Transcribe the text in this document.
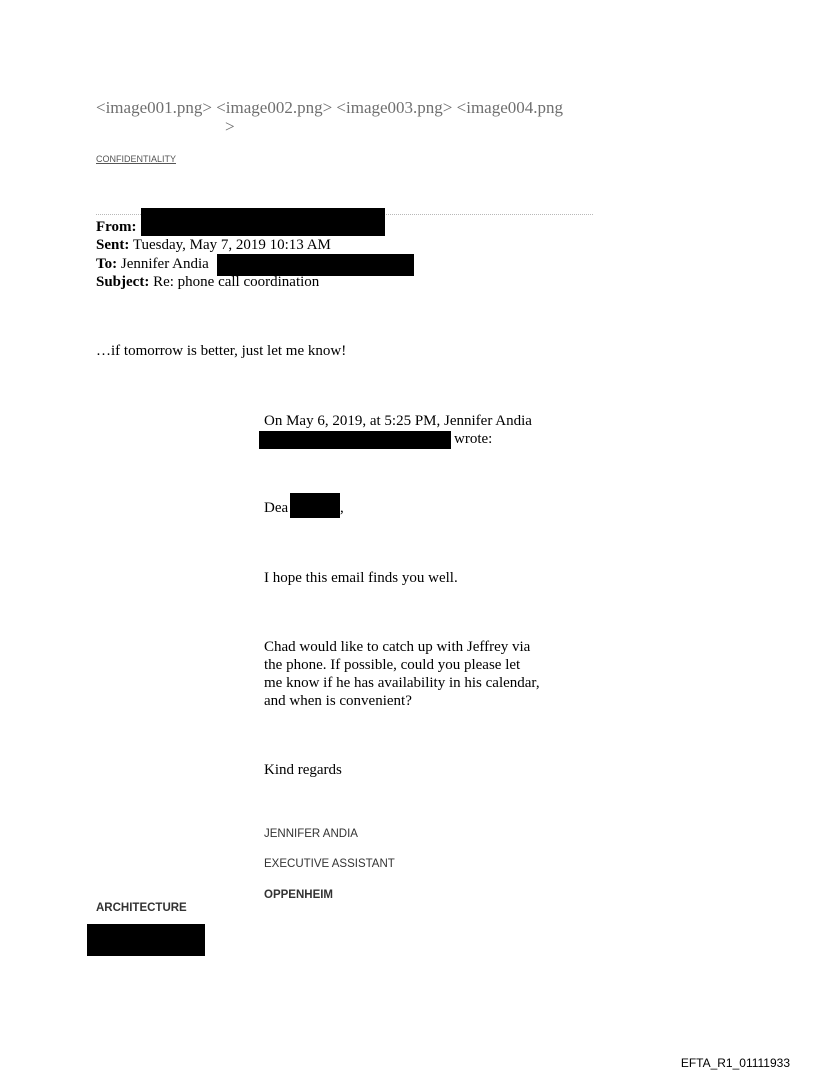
<image001.png> <image002.png> <image003.png> <image004.png
>
CONFIDENTIALITY
From:
Sent: Tuesday, May 7, 2019 10:13 AM
To: Jennifer Andia
Subject: Re: phone call coordination
…if tomorrow is better, just let me know!
On May 6, 2019, at 5:25 PM, Jennifer Andia
wrote:
Dea	,
I hope this email finds you well.
Chad would like to catch up with Jeffrey via
the phone. If possible, could you please let
me know if he has availability in his calendar,
and when is convenient?
Kind regards
JENNIFER ANDIA
EXECUTIVE ASSISTANT
OPPENHEIM
ARCHITECTURE
EFTA_R1_01111933
